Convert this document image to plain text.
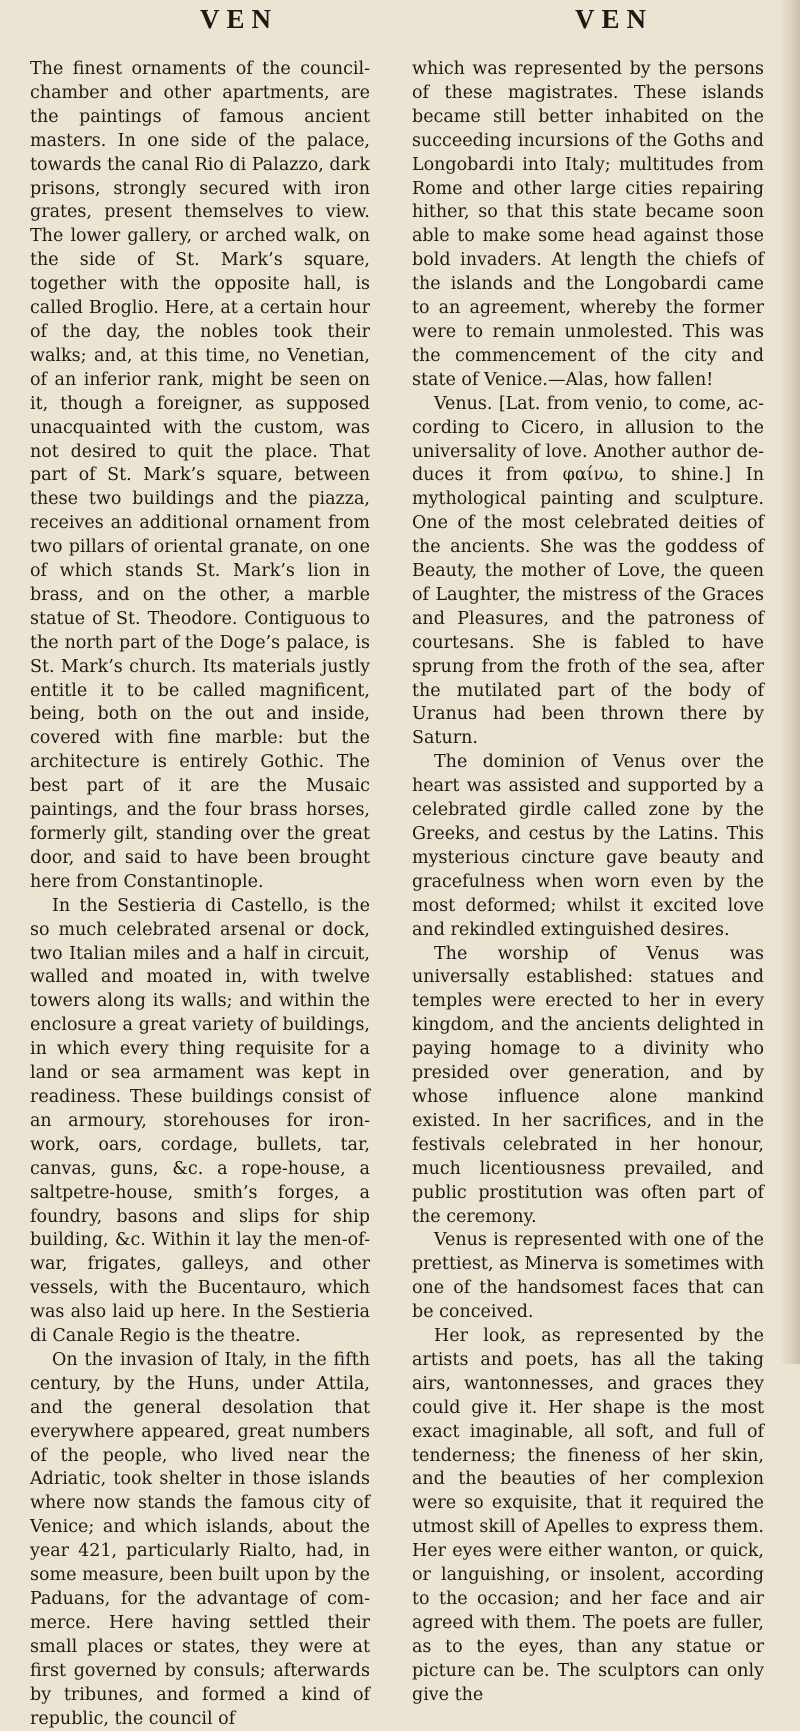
VEN	VEN

The finest ornaments of the council-chamber and other apartments, are the paintings of famous ancient masters. In one side of the palace, towards the canal Rio di Palazzo, dark prisons, strongly secured with iron grates, present themselves to view. The lower gallery, or arched walk, on the side of St. Mark’s square, together with the opposite hall, is called Broglio. Here, at a certain hour of the day, the nobles took their walks; and, at this time, no Venetian, of an inferior rank, might be seen on it, though a foreigner, as supposed unacquainted with the custom, was not desired to quit the place. That part of St. Mark’s square, between these two buildings and the piazza, receives an additional ornament from two pillars of oriental granate, on one of which stands St. Mark’s lion in brass, and on the other, a marble statue of St. Theodore. Contiguous to the north part of the Doge’s palace, is St. Mark’s church. Its materials justly entitle it to be called magnificent, being, both on the out and inside, covered with fine marble: but the architecture is entirely Gothic. The best part of it are the Musaic paintings, and the four brass horses, formerly gilt, standing over the great door, and said to have been brought here from Constantinople.

In the Sestieria di Castello, is the so much celebrated arsenal or dock, two Italian miles and a half in circuit, walled and moated in, with twelve towers along its walls; and within the enclosure a great variety of buildings, in which every thing requisite for a land or sea armament was kept in readiness. These buildings consist of an armoury, storehouses for iron-work, oars, cordage, bullets, tar, canvas, guns, &c. a rope-house, a saltpetre-house, smith’s forges, a foundry, basons and slips for ship building, &c. Within it lay the men-of-war, frigates, galleys, and other vessels, with the Bucentauro, which was also laid up here. In the Sestieria di Canale Regio is the theatre.

On the invasion of Italy, in the fifth century, by the Huns, under Attila, and the general desolation that everywhere appeared, great numbers of the people, who lived near the Adriatic, took shelter in those islands where now stands the famous city of Venice; and which islands, about the year 421, particularly Rialto, had, in some measure, been built upon by the Paduans, for the advantage of commerce. Here having settled their small places or states, they were at first governed by consuls; afterwards by tribunes, and formed a kind of republic, the council of

which was represented by the persons of these magistrates. These islands became still better inhabited on the succeeding incursions of the Goths and Longobardi into Italy; multitudes from Rome and other large cities repairing hither, so that this state became soon able to make some head against those bold invaders. At length the chiefs of the islands and the Longobardi came to an agreement, whereby the former were to remain unmolested. This was the commencement of the city and state of Venice.—Alas, how fallen!

Venus. [Lat. from venio, to come, according to Cicero, in allusion to the universality of love. Another author deduces it from φαίνω, to shine.] In mythological painting and sculpture. One of the most celebrated deities of the ancients. She was the goddess of Beauty, the mother of Love, the queen of Laughter, the mistress of the Graces and Pleasures, and the patroness of courtesans. She is fabled to have sprung from the froth of the sea, after the mutilated part of the body of Uranus had been thrown there by Saturn.

The dominion of Venus over the heart was assisted and supported by a celebrated girdle called zone by the Greeks, and cestus by the Latins. This mysterious cincture gave beauty and gracefulness when worn even by the most deformed; whilst it excited love and rekindled extinguished desires.

The worship of Venus was universally established: statues and temples were erected to her in every kingdom, and the ancients delighted in paying homage to a divinity who presided over generation, and by whose influence alone mankind existed. In her sacrifices, and in the festivals celebrated in her honour, much licentiousness prevailed, and public prostitution was often part of the ceremony.

Venus is represented with one of the prettiest, as Minerva is sometimes with one of the handsomest faces that can be conceived.

Her look, as represented by the artists and poets, has all the taking airs, wantonnesses, and graces they could give it. Her shape is the most exact imaginable, all soft, and full of tenderness; the fineness of her skin, and the beauties of her complexion were so exquisite, that it required the utmost skill of Apelles to express them. Her eyes were either wanton, or quick, or languishing, or insolent, according to the occasion; and her face and air agreed with them. The poets are fuller, as to the eyes, than any statue or picture can be. The sculptors can only give the
